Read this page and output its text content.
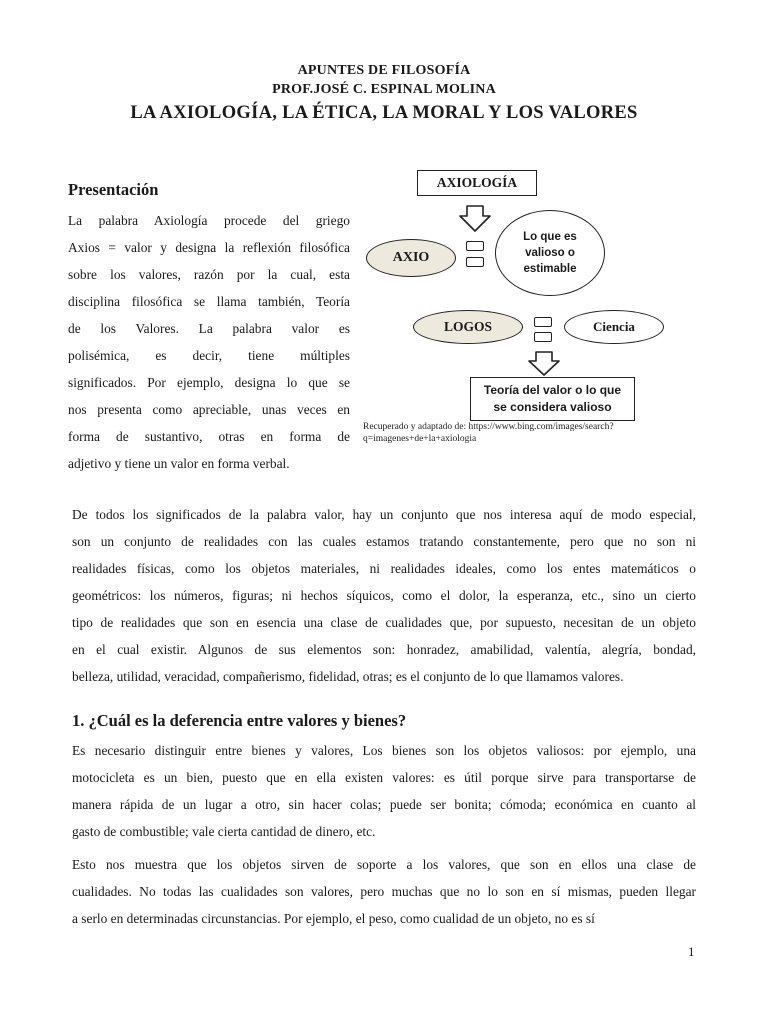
APUNTES DE FILOSOFÍA
PROF.JOSÉ C. ESPINAL MOLINA
LA AXIOLOGÍA, LA ÉTICA, LA MORAL Y LOS VALORES
Presentación
La palabra Axiología procede del griego
Axios = valor y designa la reflexión filosófica
sobre los valores, razón por la cual, esta
disciplina filosófica se llama también, Teoría
de los Valores. La palabra valor es
polisémica, es decir, tiene múltiples
significados. Por ejemplo, designa lo que se
nos presenta como apreciable, unas veces en
forma de sustantivo, otras en forma de
adjetivo y tiene un valor en forma verbal.
AXIOLOGÍA
AXIO
Lo que es valioso o estimable
LOGOS	Ciencia
Teoría del valor o lo que se considera valioso
Recuperado y adaptado de: https://www.bing.com/images/search?
q=imagenes+de+la+axiologia
De todos los significados de la palabra valor, hay un conjunto que nos interesa aquí de modo especial,
son un conjunto de realidades con las cuales estamos tratando constantemente, pero que no son ni
realidades físicas, como los objetos materiales, ni realidades ideales, como los entes matemáticos o
geométricos: los números, figuras; ni hechos síquicos, como el dolor, la esperanza, etc., sino un cierto
tipo de realidades que son en esencia una clase de cualidades que, por supuesto, necesitan de un objeto
en el cual existir. Algunos de sus elementos son: honradez, amabilidad, valentía, alegría, bondad,
belleza, utilidad, veracidad, compañerismo, fidelidad, otras; es el conjunto de lo que llamamos valores.
1. ¿Cuál es la deferencia entre valores y bienes?
Es necesario distinguir entre bienes y valores, Los bienes son los objetos valiosos: por ejemplo, una
motocicleta es un bien, puesto que en ella existen valores: es útil porque sirve para transportarse de
manera rápida de un lugar a otro, sin hacer colas; puede ser bonita; cómoda; económica en cuanto al
gasto de combustible; vale cierta cantidad de dinero, etc.
Esto nos muestra que los objetos sirven de soporte a los valores, que son en ellos una clase de
cualidades. No todas las cualidades son valores, pero muchas que no lo son en sí mismas, pueden llegar
a serlo en determinadas circunstancias. Por ejemplo, el peso, como cualidad de un objeto, no es sí
1
